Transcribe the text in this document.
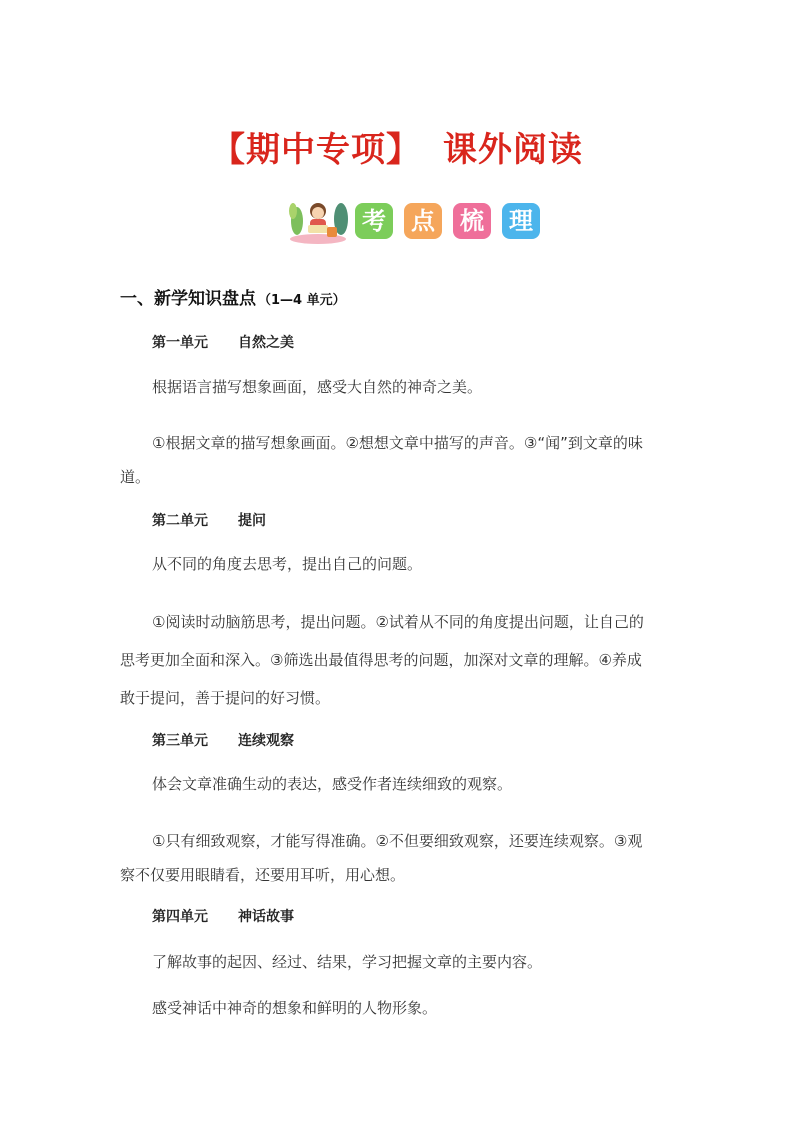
【期中专项】 课外阅读
考 点 梳 理
一、新学知识盘点 （1—4 单元）
第一单元 自然之美
根据语言描写想象画面，感受大自然的神奇之美。
①根据文章的描写想象画面。②想想文章中描写的声音。③“闻”到文章的味
道。
第二单元 提问
从不同的角度去思考，提出自己的问题。
①阅读时动脑筋思考，提出问题。②试着从不同的角度提出问题，让自己的
思考更加全面和深入。③筛选出最值得思考的问题，加深对文章的理解。④养成
敢于提问，善于提问的好习惯。
第三单元 连续观察
体会文章准确生动的表达，感受作者连续细致的观察。
①只有细致观察，才能写得准确。②不但要细致观察，还要连续观察。③观
察不仅要用眼睛看，还要用耳听，用心想。
第四单元 神话故事
了解故事的起因、经过、结果，学习把握文章的主要内容。
感受神话中神奇的想象和鲜明的人物形象。
